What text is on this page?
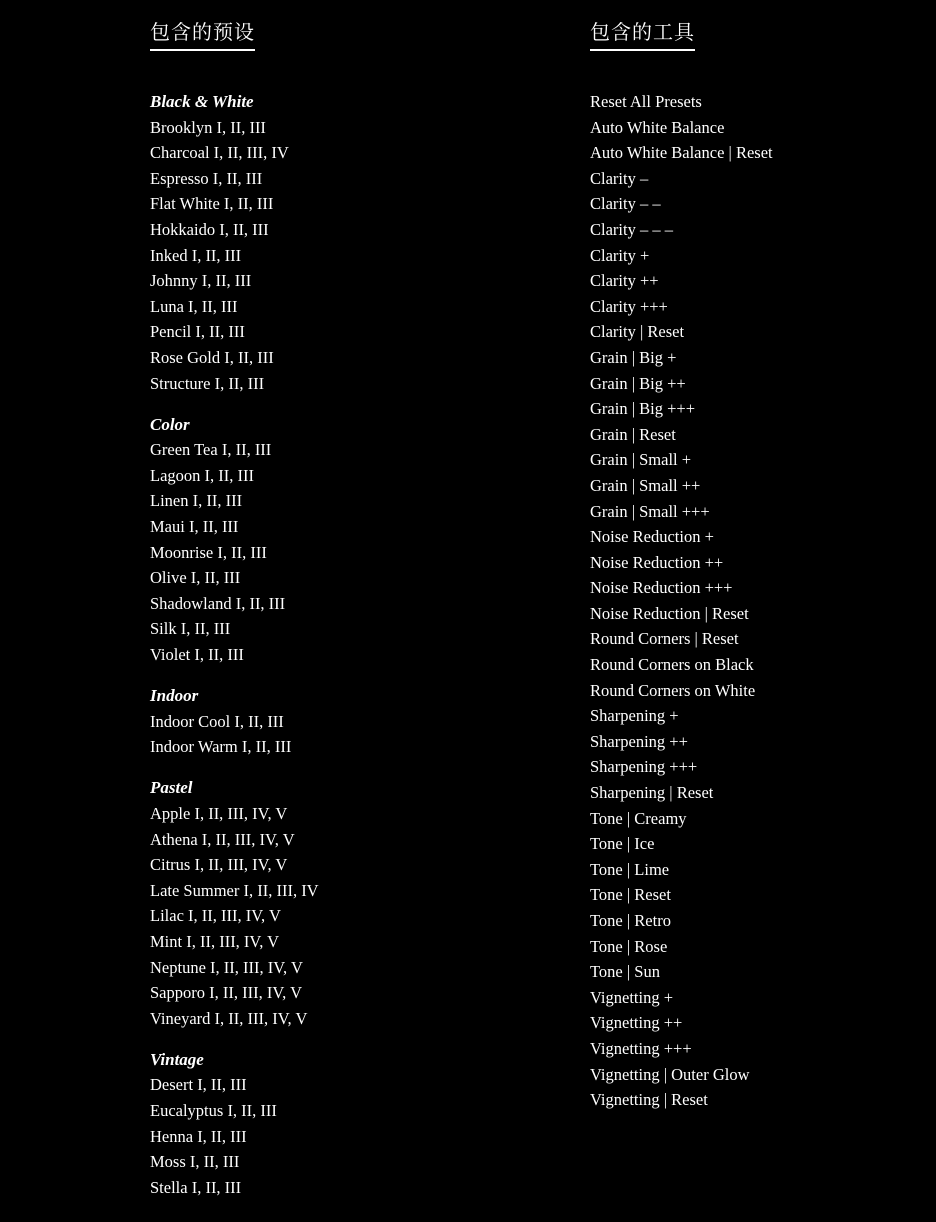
包含的预设
Black & White
Brooklyn I, II, III
Charcoal I, II, III, IV
Espresso I, II, III
Flat White I, II, III
Hokkaido I, II, III
Inked I, II, III
Johnny I, II, III
Luna I, II, III
Pencil I, II, III
Rose Gold I, II, III
Structure I, II, III
Color
Green Tea I, II, III
Lagoon I, II, III
Linen I, II, III
Maui I, II, III
Moonrise I, II, III
Olive I, II, III
Shadowland I, II, III
Silk I, II, III
Violet I, II, III
Indoor
Indoor Cool I, II, III
Indoor Warm I, II, III
Pastel
Apple I, II, III, IV, V
Athena I, II, III, IV, V
Citrus I, II, III, IV, V
Late Summer I, II, III, IV
Lilac I, II, III, IV, V
Mint I, II, III, IV, V
Neptune I, II, III, IV, V
Sapporo I, II, III, IV, V
Vineyard I, II, III, IV, V
Vintage
Desert I, II, III
Eucalyptus I, II, III
Henna I, II, III
Moss I, II, III
Stella I, II, III
包含的工具
Reset All Presets
Auto White Balance
Auto White Balance | Reset
Clarity –
Clarity – –
Clarity – – –
Clarity +
Clarity ++
Clarity +++
Clarity | Reset
Grain | Big +
Grain | Big ++
Grain | Big +++
Grain | Reset
Grain | Small +
Grain | Small ++
Grain | Small +++
Noise Reduction +
Noise Reduction ++
Noise Reduction +++
Noise Reduction | Reset
Round Corners | Reset
Round Corners on Black
Round Corners on White
Sharpening +
Sharpening ++
Sharpening +++
Sharpening | Reset
Tone | Creamy
Tone | Ice
Tone | Lime
Tone | Reset
Tone | Retro
Tone | Rose
Tone | Sun
Vignetting +
Vignetting ++
Vignetting +++
Vignetting | Outer Glow
Vignetting | Reset
